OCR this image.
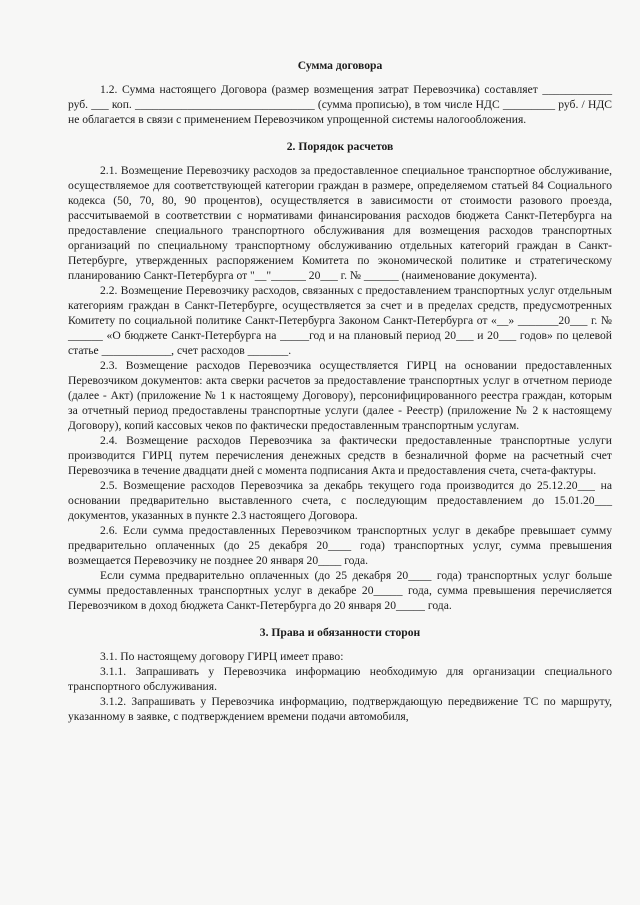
Сумма договора

1.2. Сумма настоящего Договора (размер возмещения затрат Перевозчика) составляет ____________ руб. ___ коп. _______________________________ (сумма прописью), в том числе НДС _________ руб. / НДС не облагается в связи с применением Перевозчиком упрощенной системы налогообложения.

2. Порядок расчетов

2.1. Возмещение Перевозчику расходов за предоставленное специальное транспортное обслуживание, осуществляемое для соответствующей категории граждан в размере, определяемом статьей 84 Социального кодекса (50, 70, 80, 90 процентов), осуществляется в зависимости от стоимости разового проезда, рассчитываемой в соответствии с нормативами финансирования расходов бюджета Санкт-Петербурга на предоставление специального транспортного обслуживания для возмещения расходов транспортных организаций по специальному транспортному обслуживанию отдельных категорий граждан в Санкт-Петербурге, утвержденных распоряжением Комитета по экономической политике и стратегическому планированию Санкт-Петербурга от "__"______ 20___ г. № ______ (наименование документа).

2.2. Возмещение Перевозчику расходов, связанных с предоставлением транспортных услуг отдельным категориям граждан в Санкт-Петербурге, осуществляется за счет и в пределах средств, предусмотренных Комитету по социальной политике Санкт-Петербурга Законом Санкт-Петербурга от «__» _______20___ г. № ______ «О бюджете Санкт-Петербурга на _____год и на плановый период 20___ и 20___ годов» по целевой статье ____________, счет расходов _______.

2.3. Возмещение расходов Перевозчика осуществляется ГИРЦ на основании предоставленных Перевозчиком документов: акта сверки расчетов за предоставление транспортных услуг в отчетном периоде (далее - Акт) (приложение № 1 к настоящему Договору), персонифицированного реестра граждан, которым за отчетный период предоставлены транспортные услуги (далее - Реестр) (приложение № 2 к настоящему Договору), копий кассовых чеков по фактически предоставленным транспортным услугам.

2.4. Возмещение расходов Перевозчика за фактически предоставленные транспортные услуги производится ГИРЦ путем перечисления денежных средств в безналичной форме на расчетный счет Перевозчика в течение двадцати дней с момента подписания Акта и предоставления счета, счета-фактуры.

2.5. Возмещение расходов Перевозчика за декабрь текущего года производится до 25.12.20___ на основании предварительно выставленного счета, с последующим предоставлением до 15.01.20___ документов, указанных в пункте 2.3 настоящего Договора.

2.6. Если сумма предоставленных Перевозчиком транспортных услуг в декабре превышает сумму предварительно оплаченных (до 25 декабря 20____ года) транспортных услуг, сумма превышения возмещается Перевозчику не позднее 20 января 20____ года.

Если сумма предварительно оплаченных (до 25 декабря 20____ года) транспортных услуг больше суммы предоставленных транспортных услуг в декабре 20_____ года, сумма превышения перечисляется Перевозчиком в доход бюджета Санкт-Петербурга до 20 января 20_____ года.

3. Права и обязанности сторон

3.1. По настоящему договору ГИРЦ имеет право:

3.1.1. Запрашивать у Перевозчика информацию необходимую для организации специального транспортного обслуживания.

3.1.2. Запрашивать у Перевозчика информацию, подтверждающую передвижение ТС по маршруту, указанному в заявке, с подтверждением времени подачи автомобиля,
